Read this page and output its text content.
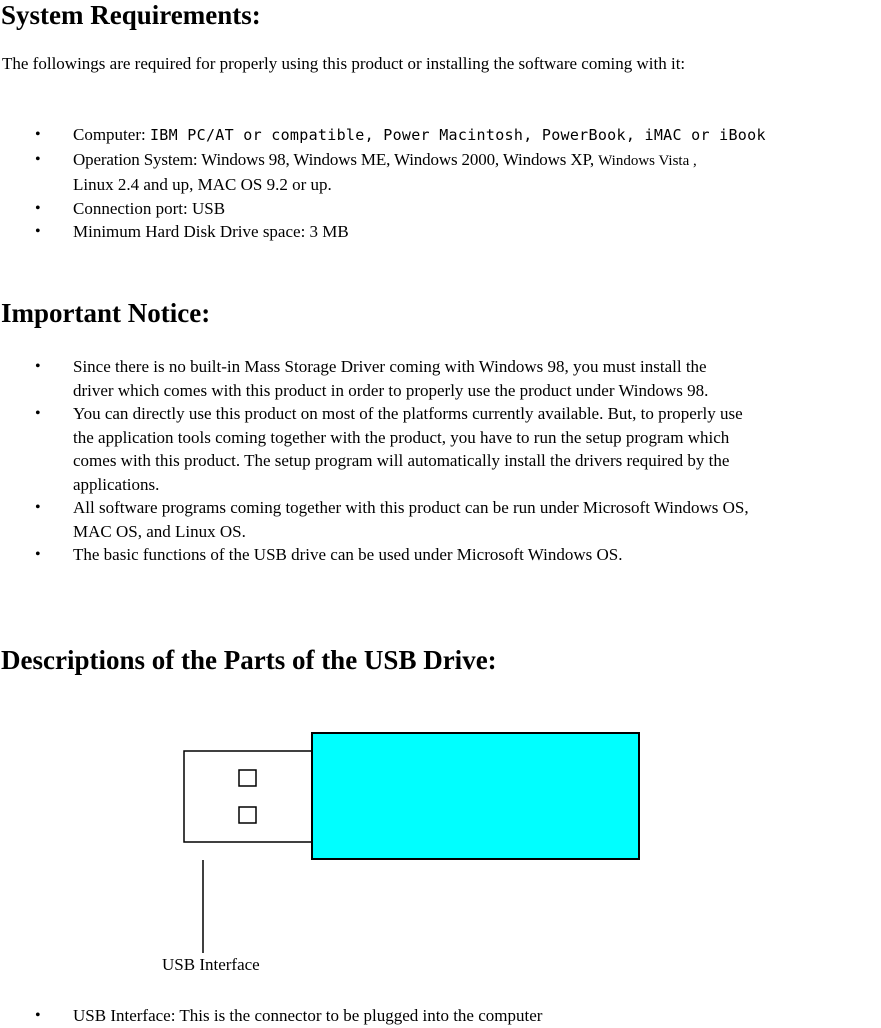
System Requirements:

The followings are required for properly using this product or installing the software coming with it:

• Computer: IBM PC/AT or compatible, Power Macintosh, PowerBook, iMAC or iBook
• Operation System: Windows 98, Windows ME, Windows 2000, Windows XP, Windows Vista ,
Linux 2.4 and up, MAC OS 9.2 or up.
• Connection port: USB
• Minimum Hard Disk Drive space: 3 MB
Important Notice:
• Since there is no built-in Mass Storage Driver coming with Windows 98, you must install the
driver which comes with this product in order to properly use the product under Windows 98.
• You can directly use this product on most of the platforms currently available. But, to properly use
the application tools coming together with the product, you have to run the setup program which
comes with this product. The setup program will automatically install the drivers required by the
applications.
• All software programs coming together with this product can be run under Microsoft Windows OS,
MAC OS, and Linux OS.
• The basic functions of the USB drive can be used under Microsoft Windows OS.
Descriptions of the Parts of the USB Drive:
USB Interface
• USB Interface: This is the connector to be plugged into the computer
